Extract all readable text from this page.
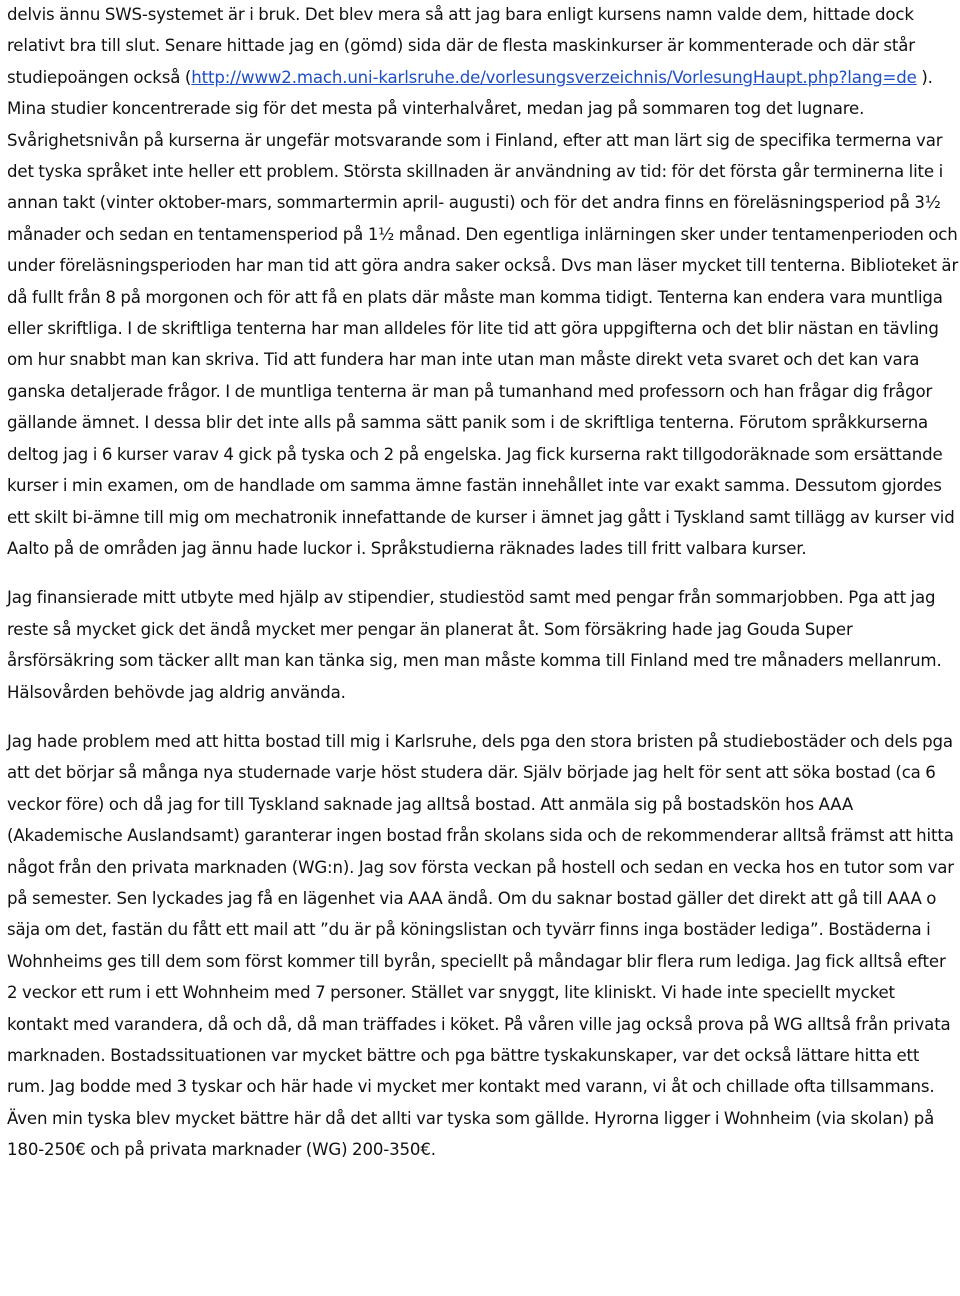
delvis ännu SWS-systemet är i bruk. Det blev mera så att jag bara enligt kursens namn valde dem, hittade dock relativt bra till slut. Senare hittade jag en (gömd) sida där de flesta maskinkurser är kommenterade och där står studiepoängen också (http://www2.mach.uni-karlsruhe.de/vorlesungsverzeichnis/VorlesungHaupt.php?lang=de ). Mina studier koncentrerade sig för det mesta på vinterhalvåret, medan jag på sommaren tog det lugnare. Svårighetsnivån på kurserna är ungefär motsvarande som i Finland, efter att man lärt sig de specifika termerna var det tyska språket inte heller ett problem. Största skillnaden är användning av tid: för det första går terminerna lite i annan takt (vinter oktober-mars, sommartermin april- augusti) och för det andra finns en föreläsningsperiod på 3½ månader och sedan en tentamensperiod på 1½ månad. Den egentliga inlärningen sker under tentamenperioden och under föreläsningsperioden har man tid att göra andra saker också. Dvs man läser mycket till tenterna. Biblioteket är då fullt från 8 på morgonen och för att få en plats där måste man komma tidigt. Tenterna kan endera vara muntliga eller skriftliga. I de skriftliga tenterna har man alldeles för lite tid att göra uppgifterna och det blir nästan en tävling om hur snabbt man kan skriva. Tid att fundera har man inte utan man måste direkt veta svaret och det kan vara ganska detaljerade frågor. I de muntliga tenterna är man på tumanhand med professorn och han frågar dig frågor gällande ämnet. I dessa blir det inte alls på samma sätt panik som i de skriftliga tenterna. Förutom språkkurserna deltog jag i 6 kurser varav 4 gick på tyska och 2 på engelska. Jag fick kurserna rakt tillgodoräknade som ersättande kurser i min examen, om de handlade om samma ämne fastän innehållet inte var exakt samma. Dessutom gjordes ett skilt bi-ämne till mig om mechatronik innefattande de kurser i ämnet jag gått i Tyskland samt tillägg av kurser vid Aalto på de områden jag ännu hade luckor i. Språkstudierna räknades lades till fritt valbara kurser.

Jag finansierade mitt utbyte med hjälp av stipendier, studiestöd samt med pengar från sommarjobben. Pga att jag reste så mycket gick det ändå mycket mer pengar än planerat åt. Som försäkring hade jag Gouda Super årsförsäkring som täcker allt man kan tänka sig, men man måste komma till Finland med tre månaders mellanrum. Hälsovården behövde jag aldrig använda.

Jag hade problem med att hitta bostad till mig i Karlsruhe, dels pga den stora bristen på studiebostäder och dels pga att det börjar så många nya studernade varje höst studera där. Själv började jag helt för sent att söka bostad (ca 6 veckor före) och då jag for till Tyskland saknade jag alltså bostad. Att anmäla sig på bostadskön hos AAA (Akademische Auslandsamt) garanterar ingen bostad från skolans sida och de rekommenderar alltså främst att hitta något från den privata marknaden (WG:n). Jag sov första veckan på hostell och sedan en vecka hos en tutor som var på semester. Sen lyckades jag få en lägenhet via AAA ändå. Om du saknar bostad gäller det direkt att gå till AAA o säja om det, fastän du fått ett mail att ”du är på köningslistan och tyvärr finns inga bostäder lediga”. Bostäderna i Wohnheims ges till dem som först kommer till byrån, speciellt på måndagar blir flera rum lediga. Jag fick alltså efter 2 veckor ett rum i ett Wohnheim med 7 personer. Stället var snyggt, lite kliniskt. Vi hade inte speciellt mycket kontakt med varandera, då och då, då man träffades i köket. På våren ville jag också prova på WG alltså från privata marknaden. Bostadssituationen var mycket bättre och pga bättre tyskakunskaper, var det också lättare hitta ett rum. Jag bodde med 3 tyskar och här hade vi mycket mer kontakt med varann, vi åt och chillade ofta tillsammans. Även min tyska blev mycket bättre här då det allti var tyska som gällde. Hyrorna ligger i Wohnheim (via skolan) på 180-250€ och på privata marknader (WG) 200-350€.
